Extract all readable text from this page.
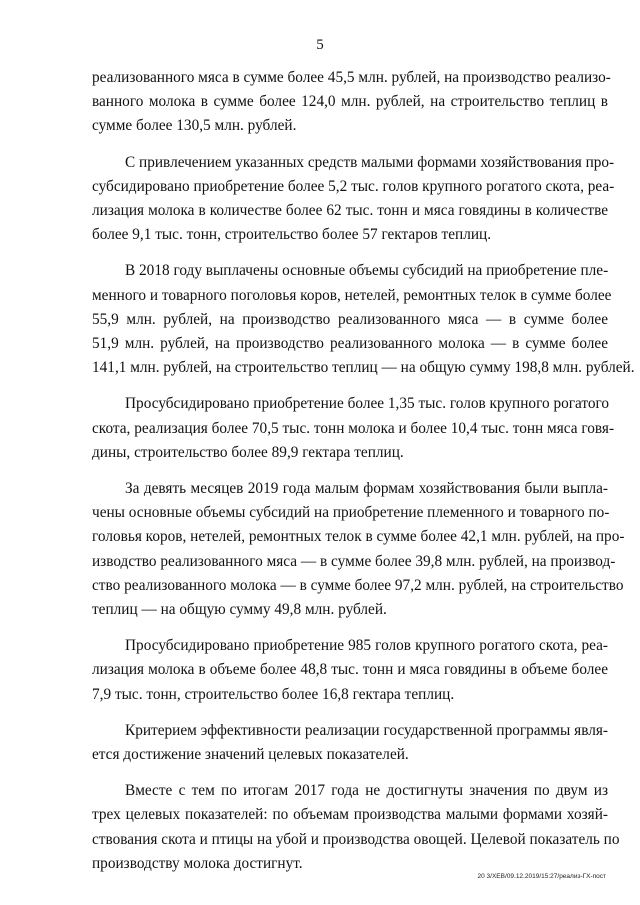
5

реализованного мяса в сумме более 45,5 млн. рублей, на производство реализо-
ванного молока в сумме более 124,0 млн. рублей, на строительство теплиц в
сумме более 130,5 млн. рублей.

С привлечением указанных средств малыми формами хозяйствования про-
субсидировано приобретение более 5,2 тыс. голов крупного рогатого скота, реа-
лизация молока в количестве более 62 тыс. тонн и мяса говядины в количестве
более 9,1 тыс. тонн, строительство более 57 гектаров теплиц.

В 2018 году выплачены основные объемы субсидий на приобретение пле-
менного и товарного поголовья коров, нетелей, ремонтных телок в сумме более
55,9 млн. рублей, на производство реализованного мяса — в сумме более
51,9 млн. рублей, на производство реализованного молока — в сумме более
141,1 млн. рублей, на строительство теплиц — на общую сумму 198,8 млн. рублей.

Просубсидировано приобретение более 1,35 тыс. голов крупного рогатого
скота, реализация более 70,5 тыс. тонн молока и более 10,4 тыс. тонн мяса говя-
дины, строительство более 89,9 гектара теплиц.

За девять месяцев 2019 года малым формам хозяйствования были выпла-
чены основные объемы субсидий на приобретение племенного и товарного по-
головья коров, нетелей, ремонтных телок в сумме более 42,1 млн. рублей, на про-
изводство реализованного мяса — в сумме более 39,8 млн. рублей, на производ-
ство реализованного молока — в сумме более 97,2 млн. рублей, на строительство
теплиц — на общую сумму 49,8 млн. рублей.

Просубсидировано приобретение 985 голов крупного рогатого скота, реа-
лизация молока в объеме более 48,8 тыс. тонн и мяса говядины в объеме более
7,9 тыс. тонн, строительство более 16,8 гектара теплиц.

Критерием эффективности реализации государственной программы явля-
ется достижение значений целевых показателей.

Вместе с тем по итогам 2017 года не достигнуты значения по двум из
трех целевых показателей: по объемам производства малыми формами хозяй-
ствования скота и птицы на убой и производства овощей. Целевой показатель по
производству молока достигнут.

20 3/ХЕВ/09.12.2019/15:27/реализ-ГХ-пост
